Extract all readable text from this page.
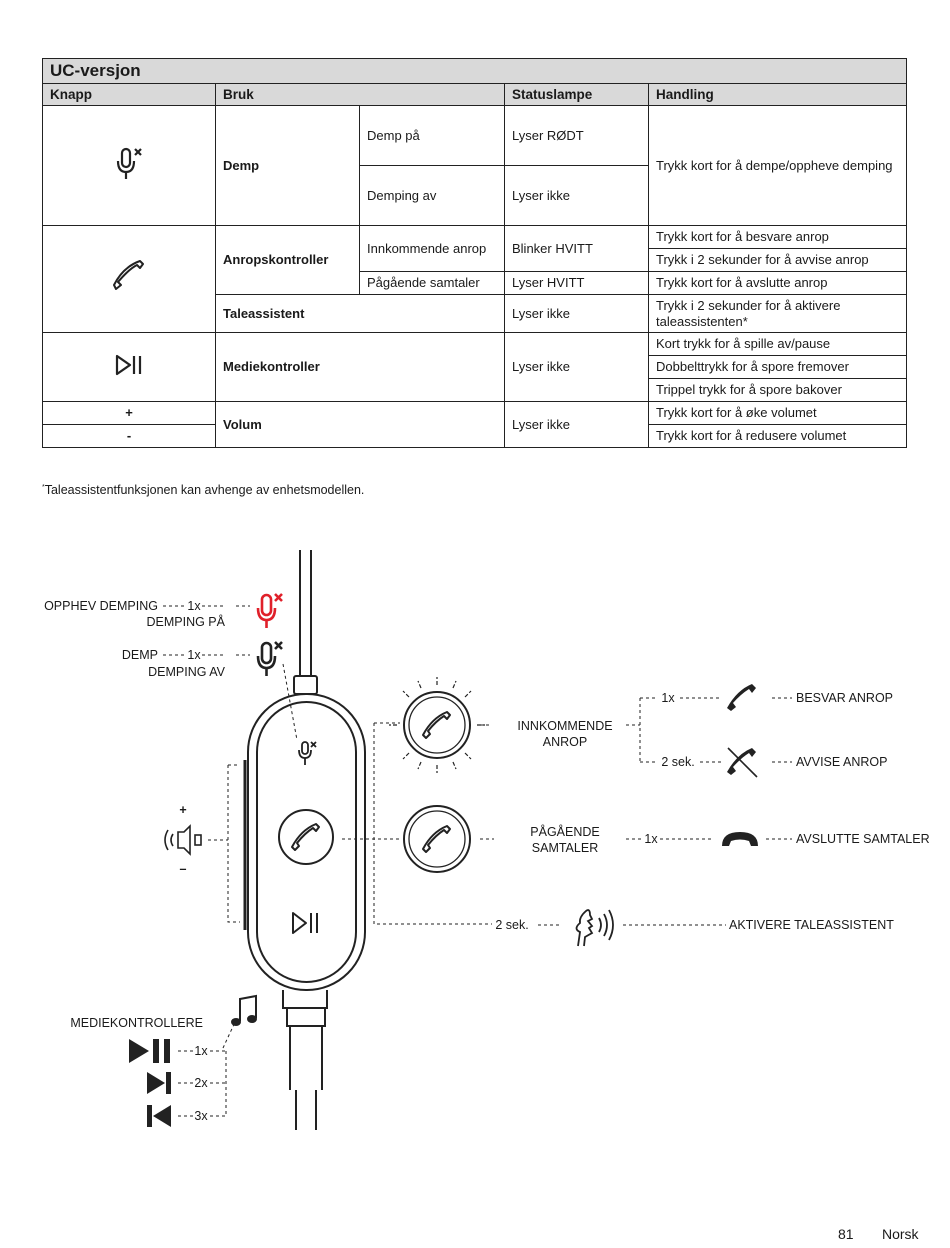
UC-versjon				
Knapp	Bruk		Statuslampe	Handling
	Demp	Demp på	Lyser RØDT	Trykk kort for å dempe/oppheve demping
		Demping av	Lyser ikke	
	Anropskontroller	Innkommende anrop	Blinker HVITT	Trykk kort for å besvare anrop
				Trykk i 2 sekunder for å avvise anrop
		Pågående samtaler	Lyser HVITT	Trykk kort for å avslutte anrop
	Taleassistent		Lyser ikke	Trykk i 2 sekunder for å aktivere taleassistenten*
	Mediekontroller		Lyser ikke	Kort trykk for å spille av/pause
				Dobbelttrykk for å spore fremover
				Trippel trykk for å spore bakover
+	Volum		Lyser ikke	Trykk kort for å øke volumet
-				Trykk kort for å redusere volumet
*Taleassistentfunksjonen kan avhenge av enhetsmodellen.
OPPHEV DEMPING 1x
DEMPING PÅ
DEMP 1x
DEMPING AV
+
–
INNKOMMENDE
ANROP
1x	BESVAR ANROP
2 sek.	AVVISE ANROP
PÅGÅENDE
SAMTALER
1x	AVSLUTTE SAMTALER
2 sek.	AKTIVERE TALEASSISTENT
MEDIEKONTROLLERE
1x
2x
3x
81 Norsk
